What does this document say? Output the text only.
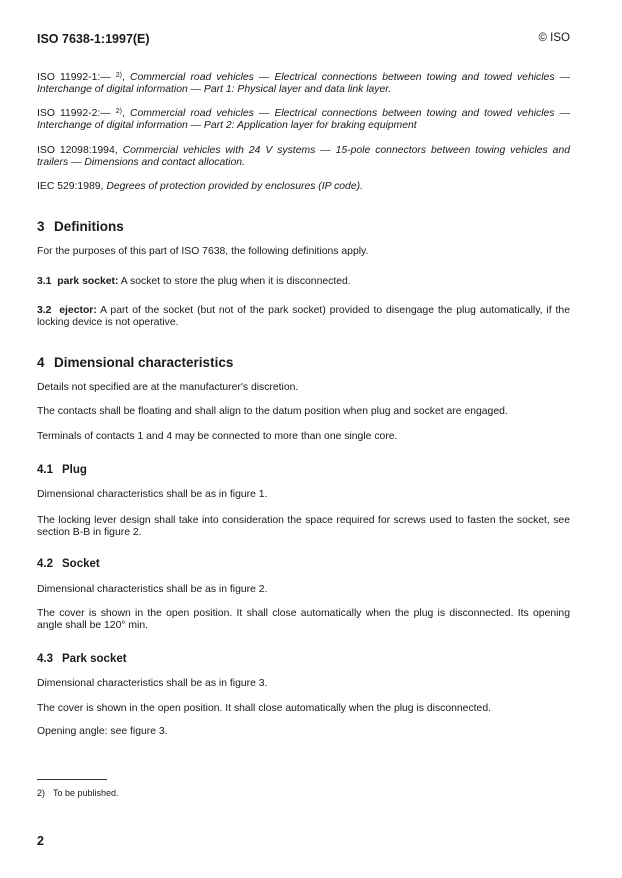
ISO 7638-1:1997(E)	© ISO
ISO 11992-1:— $^{2)}$, Commercial road vehicles — Electrical connections between towing and towed vehicles — Interchange of digital information — Part 1: Physical layer and data link layer.
ISO 11992-2:— $^{2)}$, Commercial road vehicles — Electrical connections between towing and towed vehicles — Interchange of digital information — Part 2: Application layer for braking equipment
ISO 12098:1994, Commercial vehicles with 24 V systems — 15-pole connectors between towing vehicles and trailers — Dimensions and contact allocation.
IEC 529:1989, Degrees of protection provided by enclosures (IP code).
3 Definitions
For the purposes of this part of ISO 7638, the following definitions apply.
3.1 park socket: A socket to store the plug when it is disconnected.
3.2 ejector: A part of the socket (but not of the park socket) provided to disengage the plug automatically, if the locking device is not operative.
4 Dimensional characteristics
Details not specified are at the manufacturer's discretion.
The contacts shall be floating and shall align to the datum position when plug and socket are engaged.
Terminals of contacts 1 and 4 may be connected to more than one single core.
4.1 Plug
Dimensional characteristics shall be as in figure 1.
The locking lever design shall take into consideration the space required for screws used to fasten the socket, see section B-B in figure 2.
4.2 Socket
Dimensional characteristics shall be as in figure 2.
The cover is shown in the open position. It shall close automatically when the plug is disconnected. Its opening angle shall be 120° min.
4.3 Park socket
Dimensional characteristics shall be as in figure 3.
The cover is shown in the open position. It shall close automatically when the plug is disconnected.
Opening angle: see figure 3.
2) To be published.
2
